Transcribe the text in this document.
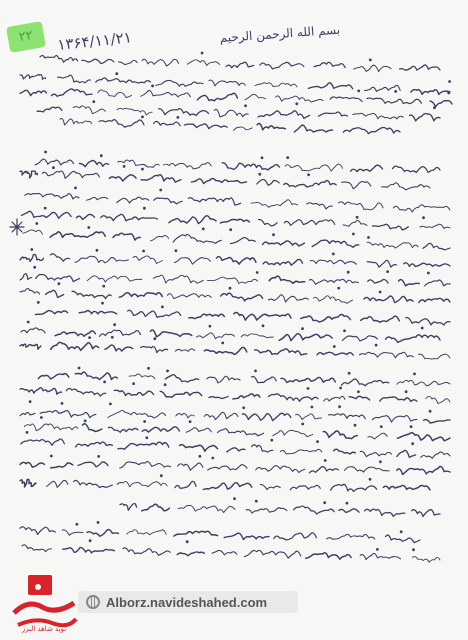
۲۲	۱۳۶۴/۱۱/۲۱	بسم الله الرحمن الرحیم
نوید شاهد البرز
Alborz.navideshahed.com
